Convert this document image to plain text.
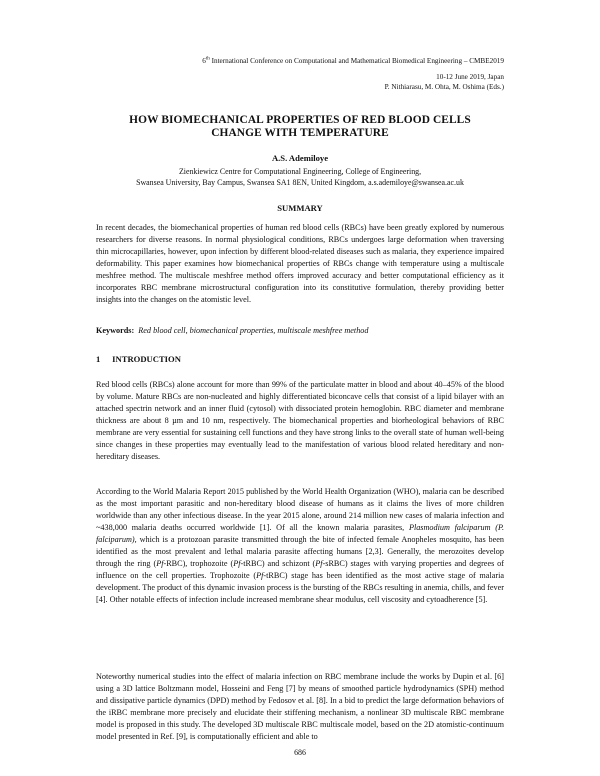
6th International Conference on Computational and Mathematical Biomedical Engineering – CMBE2019
10-12 June 2019, Japan
P. Nithiarasu, M. Ohta, M. Oshima (Eds.)
HOW BIOMECHANICAL PROPERTIES OF RED BLOOD CELLS
CHANGE WITH TEMPERATURE
A.S. Ademiloye
Zienkiewicz Centre for Computational Engineering, College of Engineering,
Swansea University, Bay Campus, Swansea SA1 8EN, United Kingdom, a.s.ademiloye@swansea.ac.uk
SUMMARY

In recent decades, the biomechanical properties of human red blood cells (RBCs) have been greatly explored by numerous researchers for diverse reasons. In normal physiological conditions, RBCs undergoes large deformation when traversing thin microcapillaries, however, upon infection by different blood-related diseases such as malaria, they experience impaired deformability. This paper examines how biomechanical properties of RBCs change with temperature using a multiscale meshfree method. The multiscale meshfree method offers improved accuracy and better computational efficiency as it incorporates RBC membrane microstructural configuration into its constitutive formulation, thereby providing better insights into the changes on the atomistic level.

Keywords: Red blood cell, biomechanical properties, multiscale meshfree method
1 INTRODUCTION

Red blood cells (RBCs) alone account for more than 99% of the particulate matter in blood and about 40–45% of the blood by volume. Mature RBCs are non-nucleated and highly differentiated biconcave cells that consist of a lipid bilayer with an attached spectrin network and an inner fluid (cytosol) with dissociated protein hemoglobin. RBC diameter and membrane thickness are about 8 µm and 10 nm, respectively. The biomechanical properties and biorheological behaviors of RBC membrane are very essential for sustaining cell functions and they have strong links to the overall state of human well-being since changes in these properties may eventually lead to the manifestation of various blood related hereditary and non-hereditary diseases.

According to the World Malaria Report 2015 published by the World Health Organization (WHO), malaria can be described as the most important parasitic and non-hereditary blood disease of humans as it claims the lives of more children worldwide than any other infectious disease. In the year 2015 alone, around 214 million new cases of malaria infection and ~438,000 malaria deaths occurred worldwide [1]. Of all the known malaria parasites, Plasmodium falciparum (P. falciparum), which is a protozoan parasite transmitted through the bite of infected female Anopheles mosquito, has been identified as the most prevalent and lethal malaria parasite affecting humans [2,3]. Generally, the merozoites develop through the ring (Pf-RBC), trophozoite (Pf-tRBC) and schizont (Pf-sRBC) stages with varying properties and degrees of influence on the cell properties. Trophozoite (Pf-tRBC) stage has been identified as the most active stage of malaria development. The product of this dynamic invasion process is the bursting of the RBCs resulting in anemia, chills, and fever [4]. Other notable effects of infection include increased membrane shear modulus, cell viscosity and cytoadherence [5].

Noteworthy numerical studies into the effect of malaria infection on RBC membrane include the works by Dupin et al. [6] using a 3D lattice Boltzmann model, Hosseini and Feng [7] by means of smoothed particle hydrodynamics (SPH) method and dissipative particle dynamics (DPD) method by Fedosov et al. [8]. In a bid to predict the large deformation behaviors of the iRBC membrane more precisely and elucidate their stiffening mechanism, a nonlinear 3D multiscale RBC membrane model is proposed in this study. The developed 3D multiscale RBC multiscale model, based on the 2D atomistic-continuum model presented in Ref. [9], is computationally efficient and able to

686
